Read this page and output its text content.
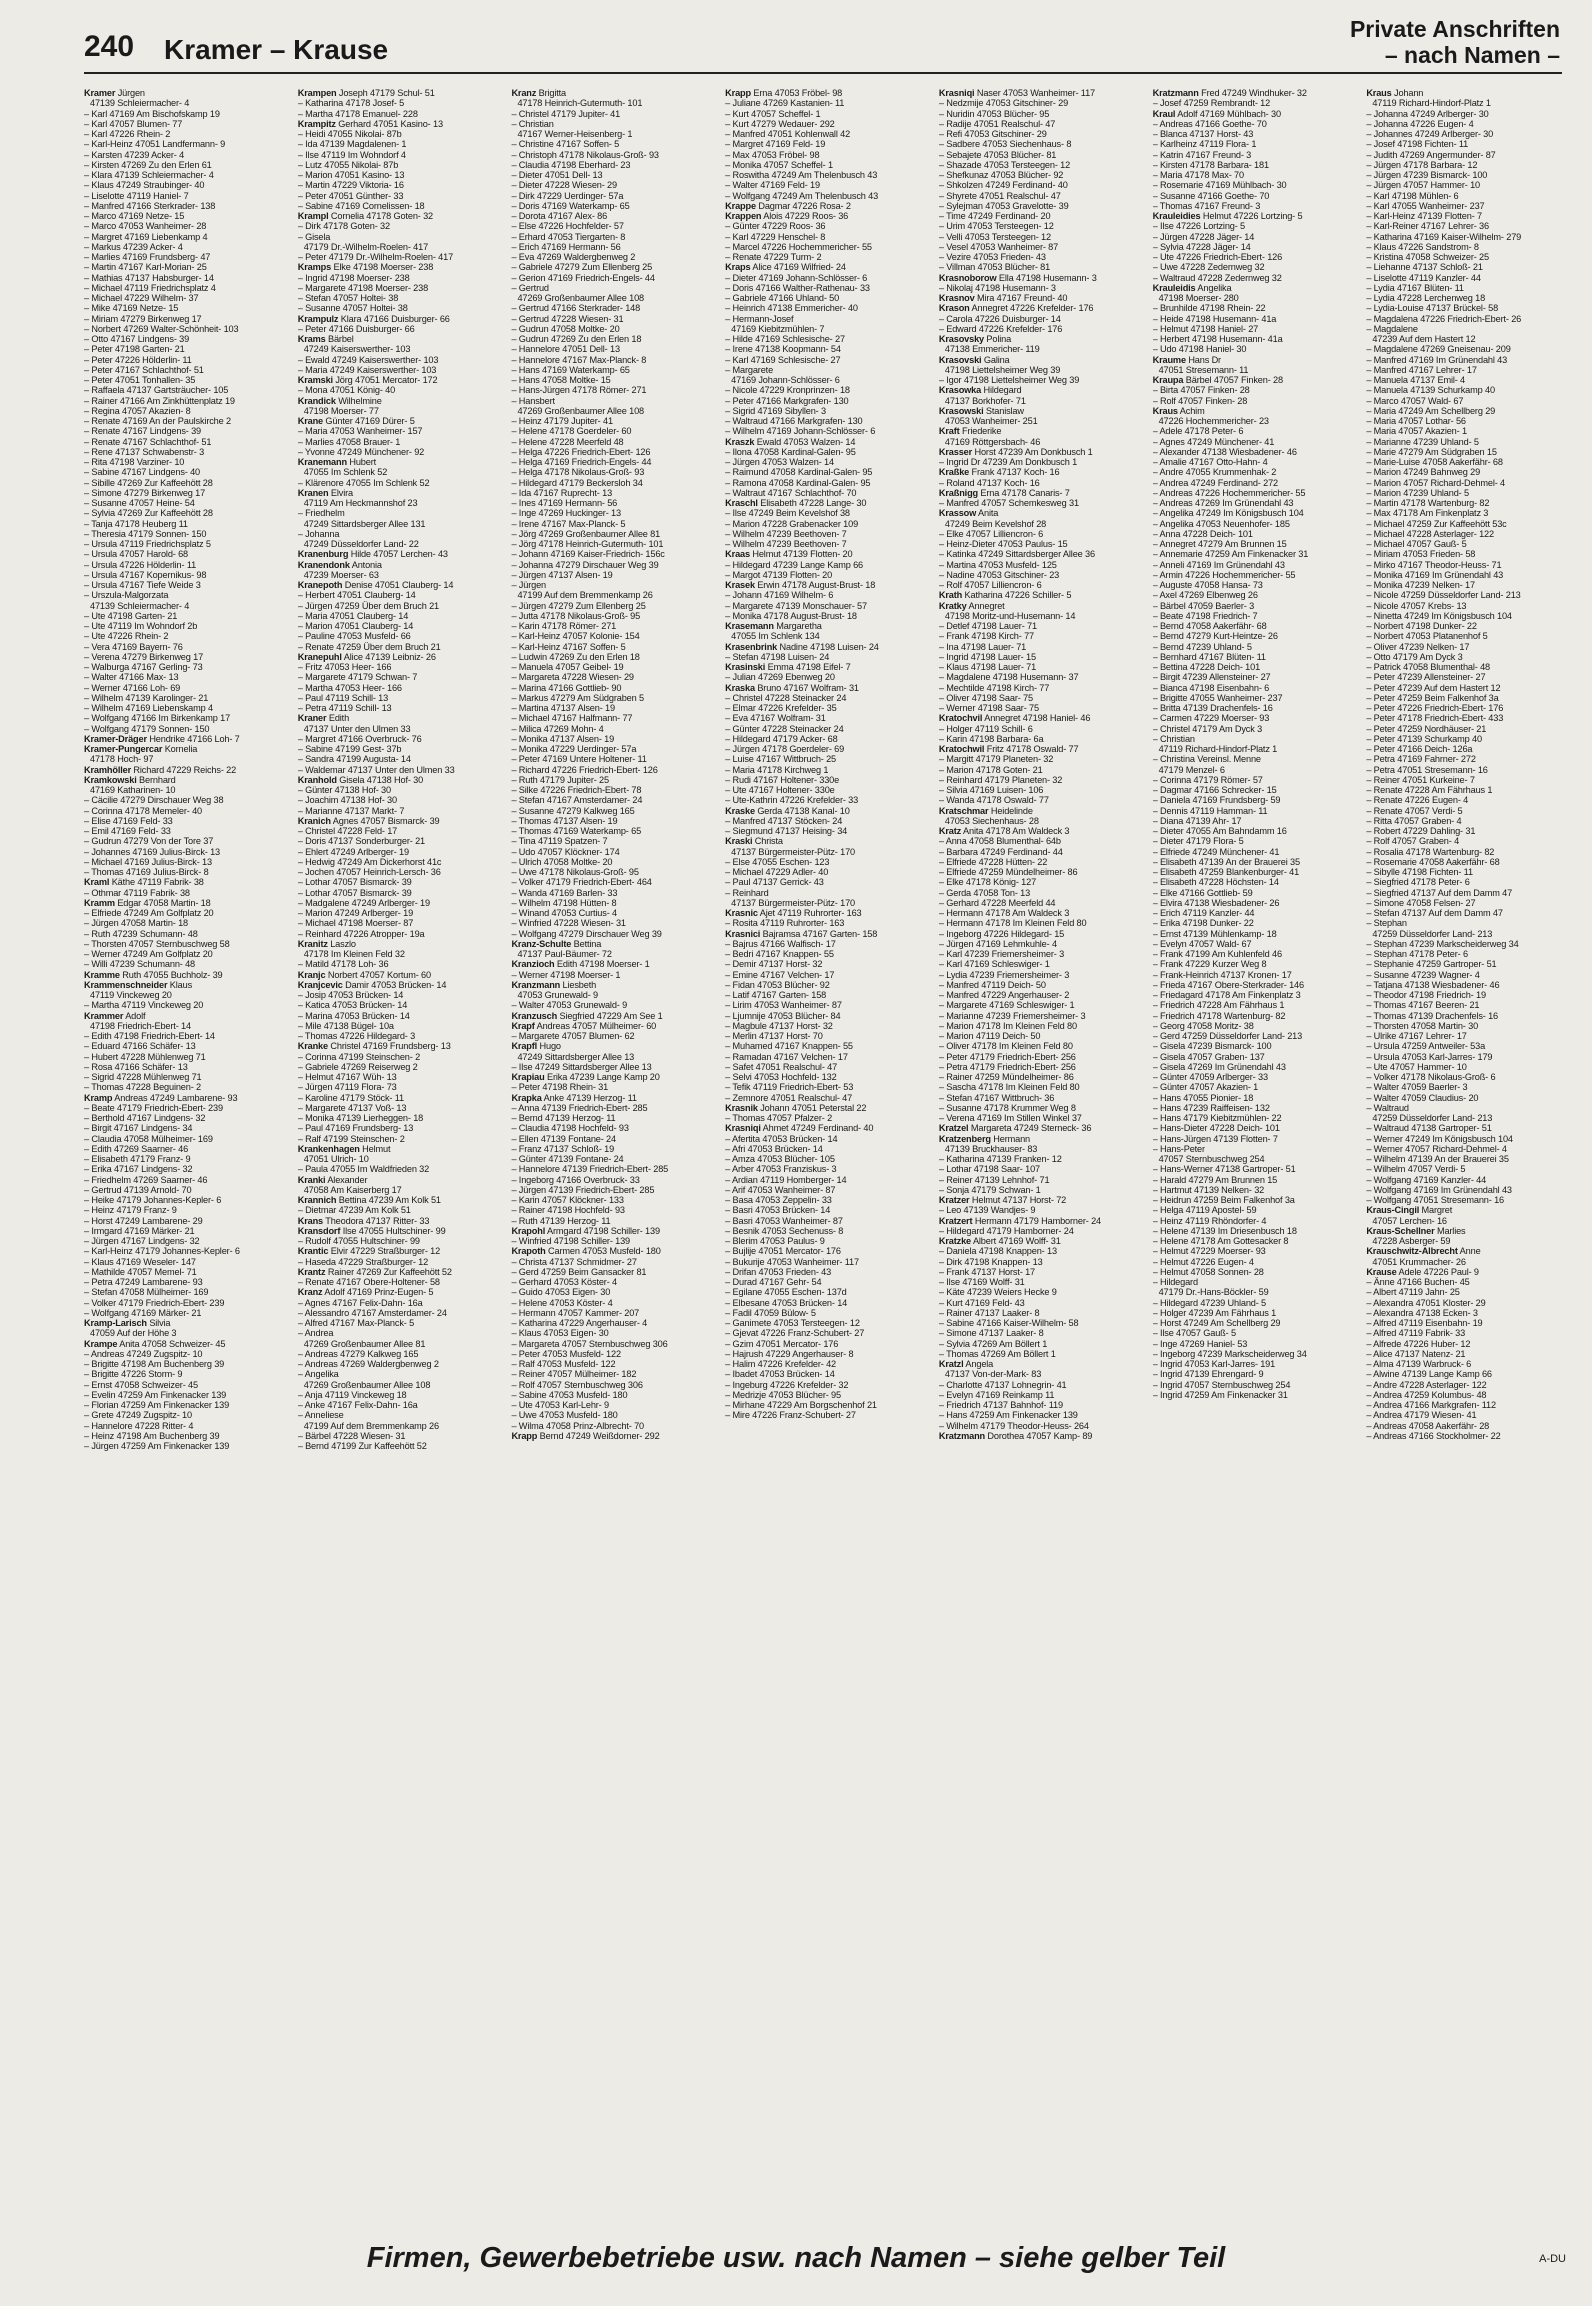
240 Kramer – Krause
Private Anschriften
– nach Namen –
Kramer Jürgen
47139 Schleiermacher- 4
– Karl 47169 Am Bischofskamp 19
– Karl 47057 Blumen- 77
– Karl 47226 Rhein- 2
– Karl-Heinz 47051 Landfermann- 9
– Karsten 47239 Acker- 4
– Kirsten 47269 Zu den Erlen 61
– Klara 47139 Schleiermacher- 4
– Klaus 47249 Straubinger- 40
– Liselotte 47119 Haniel- 7
– Manfred 47166 Sterkrader- 138
– Marco 47169 Netze- 15
– Marco 47053 Wanheimer- 28
– Margret 47169 Liebenkamp 4
– Markus 47239 Acker- 4
– Marlies 47169 Frundsberg- 47
– Martin 47167 Karl-Morian- 25
– Mathias 47137 Habsburger- 14
– Michael 47119 Friedrichsplatz 4
– Michael 47229 Wilhelm- 37
– Mike 47169 Netze- 15
– Miriam 47279 Birkenweg 17
– Norbert 47269 Walter-Schönheit- 103
– Otto 47167 Lindgens- 39
– Peter 47198 Garten- 21
– Peter 47226 Hölderlin- 11
– Peter 47167 Schlachthof- 51
– Peter 47051 Tonhallen- 35
– Raffaela 47137 Gartsträucher- 105
– Rainer 47166 Am Zinkhüttenplatz 19
– Regina 47057 Akazien- 8
– Renate 47169 An der Paulskirche 2
– Renate 47167 Lindgens- 39
– Renate 47167 Schlachthof- 51
– Rene 47137 Schwabenstr- 3
– Rita 47198 Varziner- 10
– Sabine 47167 Lindgens- 40
– Sibille 47269 Zur Kaffeehött 28
– Simone 47279 Birkenweg 17
– Susanne 47057 Heine- 54
– Sylvia 47269 Zur Kaffeehött 28
– Tanja 47178 Heuberg 11
– Theresia 47179 Sonnen- 150
– Ursula 47119 Friedrichsplatz 5
– Ursula 47057 Harold- 68
– Ursula 47226 Hölderlin- 11
– Ursula 47167 Kopernikus- 98
– Ursula 47167 Tiefe Weide 3
– Urszula-Malgorzata
47139 Schleiermacher- 4
– Ute 47198 Garten- 21
– Ute 47119 Im Wohndorf 2b
– Ute 47226 Rhein- 2
– Vera 47169 Bayern- 76
– Verena 47279 Birkenweg 17
– Walburga 47167 Gerling- 73
– Walter 47166 Max- 13
– Werner 47166 Loh- 69
– Wilhelm 47139 Karolinger- 21
– Wilhelm 47169 Liebenskamp 4
– Wolfgang 47166 Im Birkenkamp 17
– Wolfgang 47179 Sonnen- 150
Kramer-Dräger Hendrike 47166 Loh- 7
Kramer-Pungercar Kornelia
47178 Hoch- 97
Kramhöller Richard 47229 Reichs- 22
Kramkowski Bernhard
47169 Katharinen- 10
– Cäcilie 47279 Dirschauer Weg 38
– Corinna 47178 Memeler- 40
– Elise 47169 Feld- 33
– Emil 47169 Feld- 33
– Gudrun 47279 Von der Tore 37
– Johannes 47169 Julius-Birck- 13
– Michael 47169 Julius-Birck- 13
– Thomas 47169 Julius-Birck- 8
Kraml Käthe 47119 Fabrik- 38
– Othmar 47119 Fabrik- 38
Kramm Edgar 47058 Martin- 18
– Elfriede 47249 Am Golfplatz 20
– Jürgen 47058 Martin- 18
– Ruth 47239 Schumann- 48
– Thorsten 47057 Sternbuschweg 58
– Werner 47249 Am Golfplatz 20
– Willi 47239 Schumann- 48
Kramme Ruth 47055 Buchholz- 39
Krammenschneider Klaus
47119 Vinckeweg 20
– Martha 47119 Vinckeweg 20
Krammer Adolf
47198 Friedrich-Ebert- 14
– Edith 47198 Friedrich-Ebert- 14
– Eduard 47166 Schäfer- 13
– Hubert 47228 Mühlenweg 71
– Rosa 47166 Schäfer- 13
– Sigrid 47228 Mühlenweg 71
– Thomas 47228 Beguinen- 2
Kramp Andreas 47249 Lambarene- 93
– Beate 47179 Friedrich-Ebert- 239
– Berthold 47167 Lindgens- 32
– Birgit 47167 Lindgens- 34
– Claudia 47058 Mülheimer- 169
– Edith 47269 Saarner- 46
– Elisabeth 47179 Franz- 9
– Erika 47167 Lindgens- 32
– Friedhelm 47269 Saarner- 46
– Gertrud 47139 Arnold- 70
– Heike 47179 Johannes-Kepler- 6
– Heinz 47179 Franz- 9
– Horst 47249 Lambarene- 29
– Irmgard 47169 Märker- 21
– Jürgen 47167 Lindgens- 32
– Karl-Heinz 47179 Johannes-Kepler- 6
– Klaus 47169 Weseler- 147
– Mathilde 47057 Memel- 71
– Petra 47249 Lambarene- 93
– Stefan 47058 Mülheimer- 169
– Volker 47179 Friedrich-Ebert- 239
– Wolfgang 47169 Märker- 21
Kramp-Larisch Silvia
47059 Auf der Höhe 3
Krampe Anita 47058 Schweizer- 45
– Andreas 47249 Zugspitz- 10
– Brigitte 47198 Am Buchenberg 39
– Brigitte 47226 Storm- 9
– Ernst 47058 Schweizer- 45
– Evelin 47259 Am Finkenacker 139
– Florian 47259 Am Finkenacker 139
– Grete 47249 Zugspitz- 10
– Hannelore 47228 Ritter- 4
– Heinz 47198 Am Buchenberg 39
– Jürgen 47259 Am Finkenacker 139
Krampen Joseph 47179 Schul- 51
– Katharina 47178 Josef- 5
– Martha 47178 Emanuel- 228
Krampitz Gerhard 47051 Kasino- 13
– Heidi 47055 Nikolai- 87b
– Ida 47139 Magdalenen- 1
– Ilse 47119 Im Wohndorf 4
– Lutz 47055 Nikolai- 87b
– Marion 47051 Kasino- 13
– Martin 47229 Viktoria- 16
– Peter 47051 Günther- 33
– Sabine 47169 Cornelissen- 18
Krampl Cornelia 47178 Goten- 32
– Dirk 47178 Goten- 32
– Gisela
47179 Dr.-Wilhelm-Roelen- 417
– Peter 47179 Dr.-Wilhelm-Roelen- 417
Kramps Elke 47198 Moerser- 238
– Ingrid 47198 Moerser- 238
– Margarete 47198 Moerser- 238
– Stefan 47057 Holtei- 38
– Susanne 47057 Holtei- 38
Krampulz Klara 47166 Duisburger- 66
– Peter 47166 Duisburger- 66
Krams Bärbel
47249 Kaiserswerther- 103
– Ewald 47249 Kaiserswerther- 103
– Maria 47249 Kaiserswerther- 103
Kramski Jörg 47051 Mercator- 172
– Mona 47051 König- 40
Krandick Wilhelmine
47198 Moerser- 77
Krane Günter 47169 Dürer- 5
– Maria 47053 Wanheimer- 157
– Marlies 47058 Brauer- 1
– Yvonne 47249 Münchener- 92
Kranemann Hubert
47055 Im Schlenk 52
– Klärenore 47055 Im Schlenk 52
Kranen Elvira
47119 Am Heckmannshof 23
– Friedhelm
47249 Sittardsberger Allee 131
– Johanna
47249 Düsseldorfer Land- 22
Kranenburg Hilde 47057 Lerchen- 43
Kranendonk Antonia
47239 Moerser- 63
Kranepoth Denise 47051 Clauberg- 14
– Herbert 47051 Clauberg- 14
– Jürgen 47259 Über dem Bruch 21
– Maria 47051 Clauberg- 14
– Marion 47051 Clauberg- 14
– Pauline 47053 Musfeld- 66
– Renate 47259 Über dem Bruch 21
Kranepuhl Alice 47139 Leibniz- 26
– Fritz 47053 Heer- 166
– Margarete 47179 Schwan- 7
– Martha 47053 Heer- 166
– Paul 47119 Schill- 13
– Petra 47119 Schill- 13
Kraner Edith
47137 Unter den Ulmen 33
– Margret 47166 Overbruck- 76
– Sabine 47199 Gest- 37b
– Sandra 47199 Augusta- 14
– Waldemar 47137 Unter den Ulmen 33
Kranhold Gisela 47138 Hof- 30
– Günter 47138 Hof- 30
– Joachim 47138 Hof- 30
– Marianne 47137 Markt- 7
Kranich Agnes 47057 Bismarck- 39
– Christel 47228 Feld- 17
– Doris 47137 Sonderburger- 21
– Ehlert 47249 Arlberger- 19
– Hedwig 47249 Am Dickerhorst 41c
– Jochen 47057 Heinrich-Lersch- 36
– Lothar 47057 Bismarck- 39
– Lothar 47057 Bismarck- 39
– Madgalene 47249 Arlberger- 19
– Marion 47249 Arlberger- 19
– Michael 47198 Moerser- 87
– Reinhard 47226 Atropper- 19a
Kranitz Laszlo
47178 Im Kleinen Feld 32
– Matild 47178 Loh- 36
Kranjc Norbert 47057 Kortum- 60
Kranjcevic Damir 47053 Brücken- 14
– Josip 47053 Brücken- 14
– Katica 47053 Brücken- 14
– Marina 47053 Brücken- 14
– Mile 47138 Bügel- 10a
– Thomas 47226 Hildegard- 3
Kranke Christel 47169 Frundsberg- 13
– Corinna 47199 Steinschen- 2
– Gabriele 47269 Reiserweg 2
– Helmut 47167 Wüh- 13
– Jürgen 47119 Flora- 73
– Karoline 47179 Stöck- 11
– Margarete 47137 Voß- 13
– Monika 47139 Lierheggen- 18
– Paul 47169 Frundsberg- 13
– Ralf 47199 Steinschen- 2
Krankenhagen Helmut
47051 Ulrich- 10
– Paula 47055 Im Waldfrieden 32
Kranki Alexander
47058 Am Kaiserberg 17
Krannich Bettina 47239 Am Kolk 51
– Dietmar 47239 Am Kolk 51
Krans Theodora 47137 Ritter- 33
Kransdorf Ilse 47055 Hultschiner- 99
– Rudolf 47055 Hultschiner- 99
Krantic Elvir 47229 Straßburger- 12
– Haseda 47229 Straßburger- 12
Krantz Rainer 47269 Zur Kaffeehött 52
– Renate 47167 Obere-Holtener- 58
Kranz Adolf 47169 Prinz-Eugen- 5
– Agnes 47167 Felix-Dahn- 16a
– Alessandro 47167 Amsterdamer- 24
– Alfred 47167 Max-Planck- 5
– Andrea
47269 Großenbaumer Allee 81
– Andreas 47279 Kalkweg 165
– Andreas 47269 Waldergbenweg 2
– Angelika
47269 Großenbaumer Allee 108
– Anja 47119 Vinckeweg 18
– Anke 47167 Felix-Dahn- 16a
– Anneliese
47199 Auf dem Bremmenkamp 26
– Bärbel 47228 Wiesen- 31
– Bernd 47199 Zur Kaffeehött 52
Kranz Brigitta
47178 Heinrich-Gutermuth- 101
– Christel 47179 Jupiter- 41
– Christian
47167 Werner-Heisenberg- 1
– Christine 47167 Soffen- 5
– Christoph 47178 Nikolaus-Groß- 93
– Claudia 47198 Eberhard- 23
– Dieter 47051 Dell- 13
– Dieter 47228 Wiesen- 29
– Dirk 47229 Uerdinger- 57a
– Doris 47169 Waterkamp- 65
– Dorota 47167 Alex- 86
– Else 47226 Hochfelder- 57
– Erhard 47053 Tiergarten- 8
– Erich 47169 Hermann- 56
– Eva 47269 Waldergbenweg 2
– Gabriele 47279 Zum Ellenberg 25
– Gerion 47169 Friedrich-Engels- 44
– Gertrud
47269 Großenbaumer Allee 108
– Gertrud 47166 Sterkrader- 148
– Gertrud 47228 Wiesen- 31
– Gudrun 47058 Moltke- 20
– Gudrun 47269 Zu den Erlen 18
– Hannelore 47051 Dell- 13
– Hannelore 47167 Max-Planck- 8
– Hans 47169 Waterkamp- 65
– Hans 47058 Moltke- 15
– Hans-Jürgen 47178 Römer- 271
– Hansbert
47269 Großenbaumer Allee 108
– Heinz 47179 Jupiter- 41
– Helene 47178 Goerdeler- 60
– Helene 47228 Meerfeld 48
– Helga 47226 Friedrich-Ebert- 126
– Helga 47169 Friedrich-Engels- 44
– Helga 47178 Nikolaus-Groß- 93
– Hildegard 47179 Beckersloh 34
– Ida 47167 Ruprecht- 13
– Ines 47169 Hermann- 56
– Inge 47269 Huckinger- 13
– Irene 47167 Max-Planck- 5
– Jörg 47269 Großenbaumer Allee 81
– Jörg 47178 Heinrich-Gutermuth- 101
– Johann 47169 Kaiser-Friedrich- 156c
– Johanna 47279 Dirschauer Weg 39
– Jürgen 47137 Alsen- 19
– Jürgen
47199 Auf dem Bremmenkamp 26
– Jürgen 47279 Zum Ellenberg 25
– Jutta 47178 Nikolaus-Groß- 95
– Karin 47178 Römer- 271
– Karl-Heinz 47057 Kolonie- 154
– Karl-Heinz 47167 Soffen- 5
– Ludwin 47269 Zu den Erlen 18
– Manuela 47057 Geibel- 19
– Margareta 47228 Wiesen- 29
– Marina 47166 Gottlieb- 90
– Markus 47279 Am Südgraben 5
– Martina 47137 Alsen- 19
– Michael 47167 Halfmann- 77
– Milica 47269 Mohn- 4
– Monika 47137 Alsen- 19
– Monika 47229 Uerdinger- 57a
– Peter 47169 Untere Holtener- 11
– Richard 47226 Friedrich-Ebert- 126
– Ruth 47179 Jupiter- 25
– Silke 47226 Friedrich-Ebert- 78
– Stefan 47167 Amsterdamer- 24
– Susanne 47279 Kalkweg 165
– Thomas 47137 Alsen- 19
– Thomas 47169 Waterkamp- 65
– Tina 47119 Spatzen- 7
– Udo 47057 Klöckner- 174
– Ulrich 47058 Moltke- 20
– Uwe 47178 Nikolaus-Groß- 95
– Volker 47179 Friedrich-Ebert- 464
– Wanda 47169 Barlen- 33
– Wilhelm 47198 Hütten- 8
– Winand 47053 Curtius- 4
– Winfried 47228 Wiesen- 31
– Wolfgang 47279 Dirschauer Weg 39
Kranz-Schulte Bettina
47137 Paul-Bäumer- 72
Kranzioch Edith 47198 Moerser- 1
– Werner 47198 Moerser- 1
Kranzmann Liesbeth
47053 Grunewald- 9
– Walter 47053 Grunewald- 9
Kranzusch Siegfried 47229 Am See 1
Krapf Andreas 47057 Mülheimer- 60
– Margarete 47057 Blumen- 62
Krapfl Hugo
47249 Sittardsberger Allee 13
– Ilse 47249 Sittardsberger Allee 13
Krapiau Erika 47239 Lange Kamp 20
– Peter 47198 Rhein- 31
Krapka Anke 47139 Herzog- 11
– Anna 47139 Friedrich-Ebert- 285
– Bernd 47139 Herzog- 11
– Claudia 47198 Hochfeld- 93
– Ellen 47139 Fontane- 24
– Franz 47137 Schloß- 19
– Günter 47139 Fontane- 24
– Hannelore 47139 Friedrich-Ebert- 285
– Ingeborg 47166 Overbruck- 33
– Jürgen 47139 Friedrich-Ebert- 285
– Karin 47057 Klöckner- 133
– Rainer 47198 Hochfeld- 93
– Ruth 47139 Herzog- 11
Krapohl Armgard 47198 Schiller- 139
– Winfried 47198 Schiller- 139
Krapoth Carmen 47053 Musfeld- 180
– Christa 47137 Schmidmer- 27
– Gerd 47259 Beim Gansacker 81
– Gerhard 47053 Köster- 4
– Guido 47053 Eigen- 30
– Helene 47053 Köster- 4
– Hermann 47057 Kammer- 207
– Katharina 47229 Angerhauser- 4
– Klaus 47053 Eigen- 30
– Margareta 47057 Sternbuschweg 306
– Peter 47053 Musfeld- 122
– Ralf 47053 Musfeld- 122
– Reiner 47057 Mülheimer- 182
– Rolf 47057 Sternbuschweg 306
– Sabine 47053 Musfeld- 180
– Ute 47053 Karl-Lehr- 9
– Uwe 47053 Musfeld- 180
– Wilma 47058 Prinz-Albrecht- 70
Krapp Bernd 47249 Weißdorner- 292
Krapp Erna 47053 Fröbel- 98
– Juliane 47269 Kastanien- 11
– Kurt 47057 Scheffel- 1
– Kurt 47279 Wedauer- 292
– Manfred 47051 Kohlenwall 42
– Margret 47169 Feld- 19
– Max 47053 Fröbel- 98
– Monika 47057 Scheffel- 1
– Roswitha 47249 Am Thelenbusch 43
– Walter 47169 Feld- 19
– Wolfgang 47249 Am Thelenbusch 43
Krappe Dagmar 47226 Rosa- 2
Krappen Alois 47229 Roos- 36
– Günter 47229 Roos- 36
– Karl 47229 Henschel- 8
– Marcel 47226 Hochemmericher- 55
– Renate 47229 Turm- 2
Kraps Alice 47169 Wilfried- 24
– Dieter 47169 Johann-Schlösser- 6
– Doris 47166 Walther-Rathenau- 33
– Gabriele 47166 Uhland- 50
– Heinrich 47138 Emmericher- 40
– Hermann-Josef
47169 Kiebitzmühlen- 7
– Hilde 47169 Schlesische- 27
– Irene 47138 Koopmann- 54
– Karl 47169 Schlesische- 27
– Margarete
47169 Johann-Schlösser- 6
– Nicole 47229 Kronprinzen- 18
– Peter 47166 Markgrafen- 130
– Sigrid 47169 Sibyllen- 3
– Waltraud 47166 Markgrafen- 130
– Wilhelm 47169 Johann-Schlösser- 6
Kraszk Ewald 47053 Walzen- 14
– Ilona 47058 Kardinal-Galen- 95
– Jürgen 47053 Walzen- 14
– Raimund 47058 Kardinal-Galen- 95
– Ramona 47058 Kardinal-Galen- 95
– Waltraut 47167 Schlachthof- 70
Kraschl Elisabeth 47228 Lange- 30
– Ilse 47249 Beim Kevelshof 38
– Marion 47228 Grabenacker 109
– Wilhelm 47239 Beethoven- 7
– Wilhelm 47239 Beethoven- 7
Kraas Helmut 47139 Flotten- 20
– Hildegard 47239 Lange Kamp 66
– Margot 47139 Flotten- 20
Krasek Erwin 47178 August-Brust- 18
– Johann 47169 Wilhelm- 6
– Margarete 47139 Monschauer- 57
– Monika 47178 August-Brust- 18
Krasemann Margaretha
47055 Im Schlenk 134
Krasenbrink Nadine 47198 Luisen- 24
– Stefan 47198 Luisen- 24
Krasinski Emma 47198 Eifel- 7
– Julian 47269 Ebenweg 20
Kraska Bruno 47167 Wolfram- 31
– Christel 47228 Steinacker 24
– Elmar 47226 Krefelder- 35
– Eva 47167 Wolfram- 31
– Günter 47228 Steinacker 24
– Hildegard 47179 Acker- 68
– Jürgen 47178 Goerdeler- 69
– Luise 47167 Wittbruch- 25
– Maria 47178 Kirchweg 1
– Rudi 47167 Holtener- 330e
– Ute 47167 Holtener- 330e
– Ute-Kathrin 47226 Krefelder- 33
Kraske Gerda 47138 Kanal- 10
– Manfred 47137 Stöcken- 24
– Siegmund 47137 Heising- 34
Kraski Christa
47137 Bürgermeister-Pütz- 170
– Else 47055 Eschen- 123
– Michael 47229 Adler- 40
– Paul 47137 Gerrick- 43
– Reinhard
47137 Bürgermeister-Pütz- 170
Krasnic Ajet 47119 Ruhrorter- 163
– Rosita 47119 Ruhrorter- 163
Krasnici Bajramsa 47167 Garten- 158
– Bajrus 47166 Walfisch- 17
– Bedri 47167 Knappen- 55
– Demir 47137 Horst- 32
– Emine 47167 Velchen- 17
– Fidan 47053 Blücher- 92
– Latif 47167 Garten- 158
– Lirim 47053 Wanheimer- 87
– Ljumnije 47053 Blücher- 84
– Magbule 47137 Horst- 32
– Merlin 47137 Horst- 70
– Muhamed 47167 Knappen- 55
– Ramadan 47167 Velchen- 17
– Safet 47051 Realschul- 47
– Selvi 47053 Hochfeld- 132
– Tefik 47119 Friedrich-Ebert- 53
– Zemnore 47051 Realschul- 47
Krasnik Johann 47051 Peterstal 22
– Thomas 47057 Pfalzer- 2
Krasniqi Ahmet 47249 Ferdinand- 40
– Afertita 47053 Brücken- 14
– Afri 47053 Brücken- 14
– Amza 47053 Blücher- 105
– Arber 47053 Franziskus- 3
– Ardian 47119 Homberger- 14
– Arif 47053 Wanheimer- 87
– Basa 47053 Zeppelin- 33
– Basri 47053 Brücken- 14
– Basri 47053 Wanheimer- 87
– Besnik 47053 Sechenuss- 8
– Blerim 47053 Paulus- 9
– Bujlije 47051 Mercator- 176
– Bukurije 47053 Wanheimer- 117
– Drifan 47053 Frieden- 43
– Durad 47167 Gehr- 54
– Egilane 47055 Eschen- 137d
– Elbesane 47053 Brücken- 14
– Fadil 47059 Bülow- 5
– Ganimete 47053 Tersteegen- 12
– Gjevat 47226 Franz-Schubert- 27
– Gzim 47051 Mercator- 176
– Hajrush 47229 Angerhauser- 8
– Halim 47226 Krefelder- 42
– Ibadet 47053 Brücken- 14
– Ingeburg 47226 Krefelder- 32
– Medrizje 47053 Blücher- 95
– Mirhane 47229 Am Borgschenhof 21
– Mire 47226 Franz-Schubert- 27
Krasniqi Naser 47053 Wanheimer- 117
– Nedzmije 47053 Gitschiner- 29
– Nuridin 47053 Blücher- 95
– Radije 47051 Realschul- 47
– Refi 47053 Gitschiner- 29
– Sadbere 47053 Siechenhaus- 8
– Sebajete 47053 Blücher- 81
– Shazade 47053 Tersteegen- 12
– Shefkunaz 47053 Blücher- 92
– Shkolzen 47249 Ferdinand- 40
– Shyrete 47051 Realschul- 47
– Sylejman 47053 Gravelotte- 39
– Time 47249 Ferdinand- 20
– Urim 47053 Tersteegen- 12
– Velli 47053 Tersteegen- 12
– Vesel 47053 Wanheimer- 87
– Vezire 47053 Frieden- 43
– Villman 47053 Blücher- 81
Krasnoborow Ella 47198 Husemann- 3
– Nikolaj 47198 Husemann- 3
Krasnov Mira 47167 Freund- 40
Krason Annegret 47226 Krefelder- 176
– Carola 47226 Duisburger- 14
– Edward 47226 Krefelder- 176
Krasovsky Polina
47138 Emmericher- 119
Krasovski Galina
47198 Liettelsheimer Weg 39
– Igor 47198 Liettelsheimer Weg 39
Krasowka Hildegard
47137 Borkhofer- 71
Krasowski Stanislaw
47053 Wanheimer- 251
Kraft Friederike
47169 Röttgersbach- 46
Krasser Horst 47239 Am Donkbusch 1
– Ingrid Dr 47239 Am Donkbusch 1
Kraßke Frank 47137 Koch- 16
– Roland 47137 Koch- 16
Kraßnigg Erna 47178 Canaris- 7
– Manfred 47057 Schemkesweg 31
Krassow Anita
47249 Beim Kevelshof 28
– Elke 47057 Lilliencron- 6
– Heinz-Dieter 47053 Paulus- 15
– Katinka 47249 Sittardsberger Allee 36
– Martina 47053 Musfeld- 125
– Nadine 47053 Gitschiner- 23
– Rolf 47057 Lilliencron- 6
Krath Katharina 47226 Schiller- 5
Kratky Annegret
47198 Moritz-und-Husemann- 14
– Detlef 47198 Lauer- 71
– Frank 47198 Kirch- 77
– Ina 47198 Lauer- 71
– Ingrid 47198 Lauer- 15
– Klaus 47198 Lauer- 71
– Magdalene 47198 Husemann- 37
– Mechtilde 47198 Kirch- 77
– Oliver 47198 Saar- 75
– Werner 47198 Saar- 75
Kratochvil Annegret 47198 Haniel- 46
– Holger 47119 Schill- 6
– Karin 47198 Barbara- 6a
Kratochwil Fritz 47178 Oswald- 77
– Margitt 47179 Planeten- 32
– Marion 47178 Goten- 21
– Reinhard 47179 Planeten- 32
– Silvia 47169 Luisen- 106
– Wanda 47178 Oswald- 77
Kratschmar Heidelinde
47053 Siechenhaus- 28
Kratz Anita 47178 Am Waldeck 3
– Anna 47058 Blumenthal- 64b
– Barbara 47249 Ferdinand- 44
– Elfriede 47228 Hütten- 22
– Elfriede 47259 Mündelheimer- 86
– Elke 47178 König- 127
– Gerda 47058 Ton- 13
– Gerhard 47228 Meerfeld 44
– Hermann 47178 Am Waldeck 3
– Hermann 47178 Im Kleinen Feld 80
– Ingeborg 47226 Hildegard- 15
– Jürgen 47169 Lehmkuhle- 4
– Karl 47239 Friemersheimer- 3
– Karl 47169 Schleswiger- 1
– Lydia 47239 Friemersheimer- 3
– Manfred 47119 Deich- 50
– Manfred 47229 Angerhauser- 2
– Margarete 47169 Schleswiger- 1
– Marianne 47239 Friemersheimer- 3
– Marion 47178 Im Kleinen Feld 80
– Marion 47119 Deich- 50
– Oliver 47178 Im Kleinen Feld 80
– Peter 47179 Friedrich-Ebert- 256
– Petra 47179 Friedrich-Ebert- 256
– Rainer 47259 Mündelheimer- 86
– Sascha 47178 Im Kleinen Feld 80
– Stefan 47167 Wittbruch- 36
– Susanne 47178 Krummer Weg 8
– Verena 47169 Im Stillen Winkel 37
Kratzel Margareta 47249 Sterneck- 36
Kratzenberg Hermann
47139 Bruckhauser- 83
– Katharina 47139 Franken- 12
– Lothar 47198 Saar- 107
– Reiner 47139 Lehnhof- 71
– Sonja 47179 Schwan- 1
Kratzer Helmut 47137 Horst- 72
– Leo 47139 Wandjes- 9
Kratzert Hermann 47179 Hamborner- 24
– Hildegard 47179 Hamborner- 24
Kratzke Albert 47169 Wolff- 31
– Daniela 47198 Knappen- 13
– Dirk 47198 Knappen- 13
– Frank 47137 Horst- 17
– Ilse 47169 Wolff- 31
– Käte 47239 Weiers Hecke 9
– Kurt 47169 Feld- 43
– Rainer 47137 Laaker- 8
– Sabine 47166 Kaiser-Wilhelm- 58
– Simone 47137 Laaker- 8
– Sylvia 47269 Am Böllert 1
– Thomas 47269 Am Böllert 1
Kratzl Angela
47137 Von-der-Mark- 83
– Charlotte 47137 Lohnegrin- 41
– Evelyn 47169 Reinkamp 11
– Friedrich 47137 Bahnhof- 119
– Hans 47259 Am Finkenacker 139
– Wilhelm 47179 Theodor-Heuss- 264
Kratzmann Dorothea 47057 Kamp- 89
Kratzmann Fred 47249 Windhuker- 32
– Josef 47259 Rembrandt- 12
Kraul Adolf 47169 Mühlbach- 30
– Andreas 47166 Goethe- 70
– Blanca 47137 Horst- 43
– Karlheinz 47119 Flora- 1
– Katrin 47167 Freund- 3
– Kirsten 47178 Barbara- 181
– Maria 47178 Max- 70
– Rosemarie 47169 Mühlbach- 30
– Susanne 47166 Goethe- 70
– Thomas 47167 Freund- 3
Krauleidies Helmut 47226 Lortzing- 5
– Ilse 47226 Lortzing- 5
– Jürgen 47228 Jäger- 14
– Sylvia 47228 Jäger- 14
– Ute 47226 Friedrich-Ebert- 126
– Uwe 47228 Zedernweg 32
– Waltraud 47228 Zedernweg 32
Krauleidis Angelika
47198 Moerser- 280
– Brunhilde 47198 Rhein- 22
– Heide 47198 Husemann- 41a
– Helmut 47198 Haniel- 27
– Herbert 47198 Husemann- 41a
– Udo 47198 Haniel- 30
Kraume Hans Dr
47051 Stresemann- 11
Kraupa Bärbel 47057 Finken- 28
– Birta 47057 Finken- 28
– Rolf 47057 Finken- 28
Kraus Achim
47226 Hochemmericher- 23
– Adele 47178 Peter- 6
– Agnes 47249 Münchener- 41
– Alexander 47138 Wiesbadener- 46
– Amalie 47167 Otto-Hahn- 4
– Andre 47055 Krummenhak- 2
– Andrea 47249 Ferdinand- 272
– Andreas 47226 Hochemmericher- 55
– Andreas 47269 Im Grünendahl 43
– Angelika 47249 Im Königsbusch 104
– Angelika 47053 Neuenhofer- 185
– Anna 47228 Deich- 101
– Annegret 47279 Am Brunnen 15
– Annemarie 47259 Am Finkenacker 31
– Anneli 47169 Im Grünendahl 43
– Armin 47226 Hochemmericher- 55
– Auguste 47058 Hansa- 73
– Axel 47269 Elbenweg 26
– Bärbel 47059 Baerler- 3
– Beate 47198 Friedrich- 7
– Bernd 47058 Aakerfähr- 68
– Bernd 47279 Kurt-Heintze- 26
– Bernd 47239 Uhland- 5
– Bernhard 47167 Blüten- 11
– Bettina 47228 Deich- 101
– Birgit 47239 Allensteiner- 27
– Bianca 47198 Eisenbahn- 6
– Brigitte 47055 Wanheimer- 237
– Britta 47139 Drachenfels- 16
– Carmen 47229 Moerser- 93
– Christel 47179 Am Dyck 3
– Christian
47119 Richard-Hindorf-Platz 1
– Christina Vereinsl. Menne
47179 Menzel- 6
– Corinna 47179 Römer- 57
– Dagmar 47166 Schrecker- 15
– Daniela 47169 Frundsberg- 59
– Dennis 47119 Hamman- 11
– Diana 47139 Ahr- 17
– Dieter 47055 Am Bahndamm 16
– Dieter 47179 Flora- 5
– Elfriede 47249 Münchener- 41
– Elisabeth 47139 An der Brauerei 35
– Elisabeth 47259 Blankenburger- 41
– Elisabeth 47228 Höchsten- 14
– Elke 47166 Gottlieb- 59
– Elvira 47138 Wiesbadener- 26
– Erich 47119 Kanzler- 44
– Erika 47198 Dunker- 22
– Ernst 47139 Mühlenkamp- 18
– Evelyn 47057 Wald- 67
– Frank 47199 Am Kuhlenfeld 46
– Frank 47229 Kurzer Weg 8
– Frank-Heinrich 47137 Kronen- 17
– Frieda 47167 Obere-Sterkrader- 146
– Friedagard 47178 Am Finkenplatz 3
– Friedrich 47228 Am Fährhaus 1
– Friedrich 47178 Wartenburg- 82
– Georg 47058 Moritz- 38
– Gerd 47259 Düsseldorfer Land- 213
– Gisela 47239 Bismarck- 100
– Gisela 47057 Graben- 137
– Gisela 47269 Im Grünendahl 43
– Günter 47059 Arlberger- 33
– Günter 47057 Akazien- 1
– Hans 47055 Pionier- 18
– Hans 47239 Raiffeisen- 132
– Hans 47179 Kiebitzmühlen- 22
– Hans-Dieter 47228 Deich- 101
– Hans-Jürgen 47139 Flotten- 7
– Hans-Peter
47057 Sternbuschweg 254
– Hans-Werner 47138 Gartroper- 51
– Harald 47279 Am Brunnen 15
– Hartmut 47139 Nelken- 32
– Heidrun 47259 Beim Falkenhof 3a
– Helga 47119 Apostel- 59
– Heinz 47119 Rhöndorfer- 4
– Helene 47139 Im Driesenbusch 18
– Helene 47178 Am Gottesacker 8
– Helmut 47229 Moerser- 93
– Helmut 47226 Eugen- 4
– Helmut 47058 Sonnen- 28
– Hildegard
47179 Dr.-Hans-Böckler- 59
– Hildegard 47239 Uhland- 5
– Holger 47239 Am Fährhaus 1
– Horst 47249 Am Schellberg 29
– Ilse 47057 Gauß- 5
– Inge 47269 Haniel- 53
– Ingeborg 47239 Markscheiderweg 34
– Ingrid 47053 Karl-Jarres- 191
– Ingrid 47139 Ehrengard- 9
– Ingrid 47057 Sternbuschweg 254
– Ingrid 47259 Am Finkenacker 31
Kraus Johann
47119 Richard-Hindorf-Platz 1
– Johanna 47249 Arlberger- 30
– Johanna 47226 Eugen- 4
– Johannes 47249 Arlberger- 30
– Josef 47198 Fichten- 11
– Judith 47269 Angermunder- 87
– Jürgen 47178 Barbara- 12
– Jürgen 47239 Bismarck- 100
– Jürgen 47057 Hammer- 10
– Karl 47198 Mühlen- 6
– Karl 47055 Wanheimer- 237
– Karl-Heinz 47139 Flotten- 7
– Karl-Reiner 47167 Lehrer- 36
– Katharina 47169 Kaiser-Wilhelm- 279
– Klaus 47226 Sandstrom- 8
– Kristina 47058 Schweizer- 25
– Liehanne 47137 Schloß- 21
– Liselotte 47119 Kanzler- 44
– Lydia 47167 Blüten- 11
– Lydia 47228 Lerchenweg 18
– Lydia-Louise 47137 Brückel- 58
– Magdalena 47226 Friedrich-Ebert- 26
– Magdalene
47239 Auf dem Hastert 12
– Magdalene 47269 Gneisenau- 209
– Manfred 47169 Im Grünendahl 43
– Manfred 47167 Lehrer- 17
– Manuela 47137 Emil- 4
– Manuela 47139 Schurkamp 40
– Marco 47057 Wald- 67
– Maria 47249 Am Schellberg 29
– Maria 47057 Lothar- 56
– Maria 47057 Akazien- 1
– Marianne 47239 Uhland- 5
– Marie 47279 Am Südgraben 15
– Marie-Luise 47058 Aakerfähr- 68
– Marion 47249 Bahnweg 29
– Marion 47057 Richard-Dehmel- 4
– Marion 47239 Uhland- 5
– Martin 47178 Wartenburg- 82
– Max 47178 Am Finkenplatz 3
– Michael 47259 Zur Kaffeehött 53c
– Michael 47228 Asterlager- 122
– Michael 47057 Gauß- 5
– Miriam 47053 Frieden- 58
– Mirko 47167 Theodor-Heuss- 71
– Monika 47169 Im Grünendahl 43
– Monika 47239 Nelken- 17
– Nicole 47259 Düsseldorfer Land- 213
– Nicole 47057 Krebs- 13
– Ninetta 47249 Im Königsbusch 104
– Norbert 47198 Dunker- 22
– Norbert 47053 Platanenhof 5
– Oliver 47239 Nelken- 17
– Otto 47179 Am Dyck 3
– Patrick 47058 Blumenthal- 48
– Peter 47239 Allensteiner- 27
– Peter 47239 Auf dem Hastert 12
– Peter 47259 Beim Falkenhof 3a
– Peter 47226 Friedrich-Ebert- 176
– Peter 47178 Friedrich-Ebert- 433
– Peter 47259 Nordhäuser- 21
– Peter 47139 Schurkamp 40
– Peter 47166 Deich- 126a
– Petra 47169 Fahrner- 272
– Petra 47051 Stresemann- 16
– Reiner 47051 Kurkeine- 7
– Renate 47228 Am Fährhaus 1
– Renate 47226 Eugen- 4
– Renate 47057 Verdi- 5
– Ritta 47057 Graben- 4
– Robert 47229 Dahling- 31
– Rolf 47057 Graben- 4
– Rosalia 47178 Wartenburg- 82
– Rosemarie 47058 Aakerfähr- 68
– Sibylle 47198 Fichten- 11
– Siegfried 47178 Peter- 6
– Siegfried 47137 Auf dem Damm 47
– Simone 47058 Felsen- 27
– Stefan 47137 Auf dem Damm 47
– Stephan
47259 Düsseldorfer Land- 213
– Stephan 47239 Markscheiderweg 34
– Stephan 47178 Peter- 6
– Stephanie 47259 Gartroper- 51
– Susanne 47239 Wagner- 4
– Tatjana 47138 Wiesbadener- 46
– Theodor 47198 Friedrich- 19
– Thomas 47167 Beeren- 21
– Thomas 47139 Drachenfels- 16
– Thorsten 47058 Martin- 30
– Ulrike 47167 Lehrer- 17
– Ursula 47259 Antweiler- 53a
– Ursula 47053 Karl-Jarres- 179
– Ute 47057 Hammer- 10
– Volker 47178 Nikolaus-Groß- 6
– Walter 47059 Baerler- 3
– Walter 47059 Claudius- 20
– Waltraud
47259 Düsseldorfer Land- 213
– Waltraud 47138 Gartroper- 51
– Werner 47249 Im Königsbusch 104
– Werner 47057 Richard-Dehmel- 4
– Wilhelm 47139 An der Brauerei 35
– Wilhelm 47057 Verdi- 5
– Wolfgang 47169 Kanzler- 44
– Wolfgang 47169 Im Grünendahl 43
– Wolfgang 47051 Stresemann- 16
Kraus-Cingil Margret
47057 Lerchen- 16
Kraus-Schellner Marlies
47228 Asberger- 59
Krauschwitz-Albrecht Anne
47051 Krummacher- 26
Krause Adele 47226 Paul- 9
– Änne 47166 Buchen- 45
– Albert 47119 Jahn- 25
– Alexandra 47051 Kloster- 29
– Alexandra 47138 Ecken- 3
– Alfred 47119 Eisenbahn- 19
– Alfred 47119 Fabrik- 33
– Alfrede 47226 Huber- 12
– Alice 47137 Natenz- 21
– Alma 47139 Warbruck- 6
– Alwine 47139 Lange Kamp 66
– Andre 47228 Asterlager- 122
– Andrea 47259 Kolumbus- 48
– Andrea 47166 Markgrafen- 112
– Andrea 47179 Wiesen- 41
– Andreas 47058 Aakerfähr- 28
– Andreas 47166 Stockholmer- 22
Firmen, Gewerbebetriebe usw. nach Namen – siehe gelber Teil	A-DU
